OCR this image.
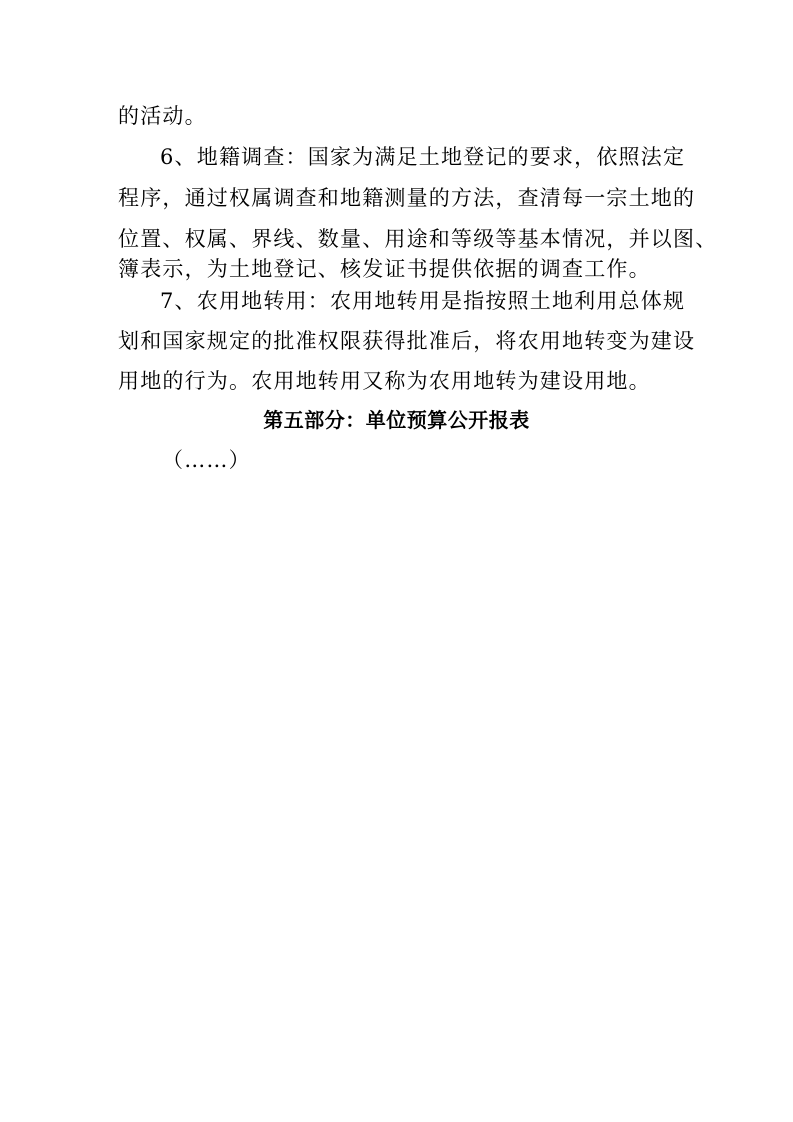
的活动。
6、地籍调查：国家为满足土地登记的要求，依照法定
程序，通过权属调查和地籍测量的方法，查清每一宗土地的
位置、权属、界线、数量、用途和等级等基本情况，并以图、
簿表示，为土地登记、核发证书提供依据的调查工作。
7、农用地转用：农用地转用是指按照土地利用总体规
划和国家规定的批准权限获得批准后，将农用地转变为建设
用地的行为。农用地转用又称为农用地转为建设用地。
第五部分：单位预算公开报表
（……）
